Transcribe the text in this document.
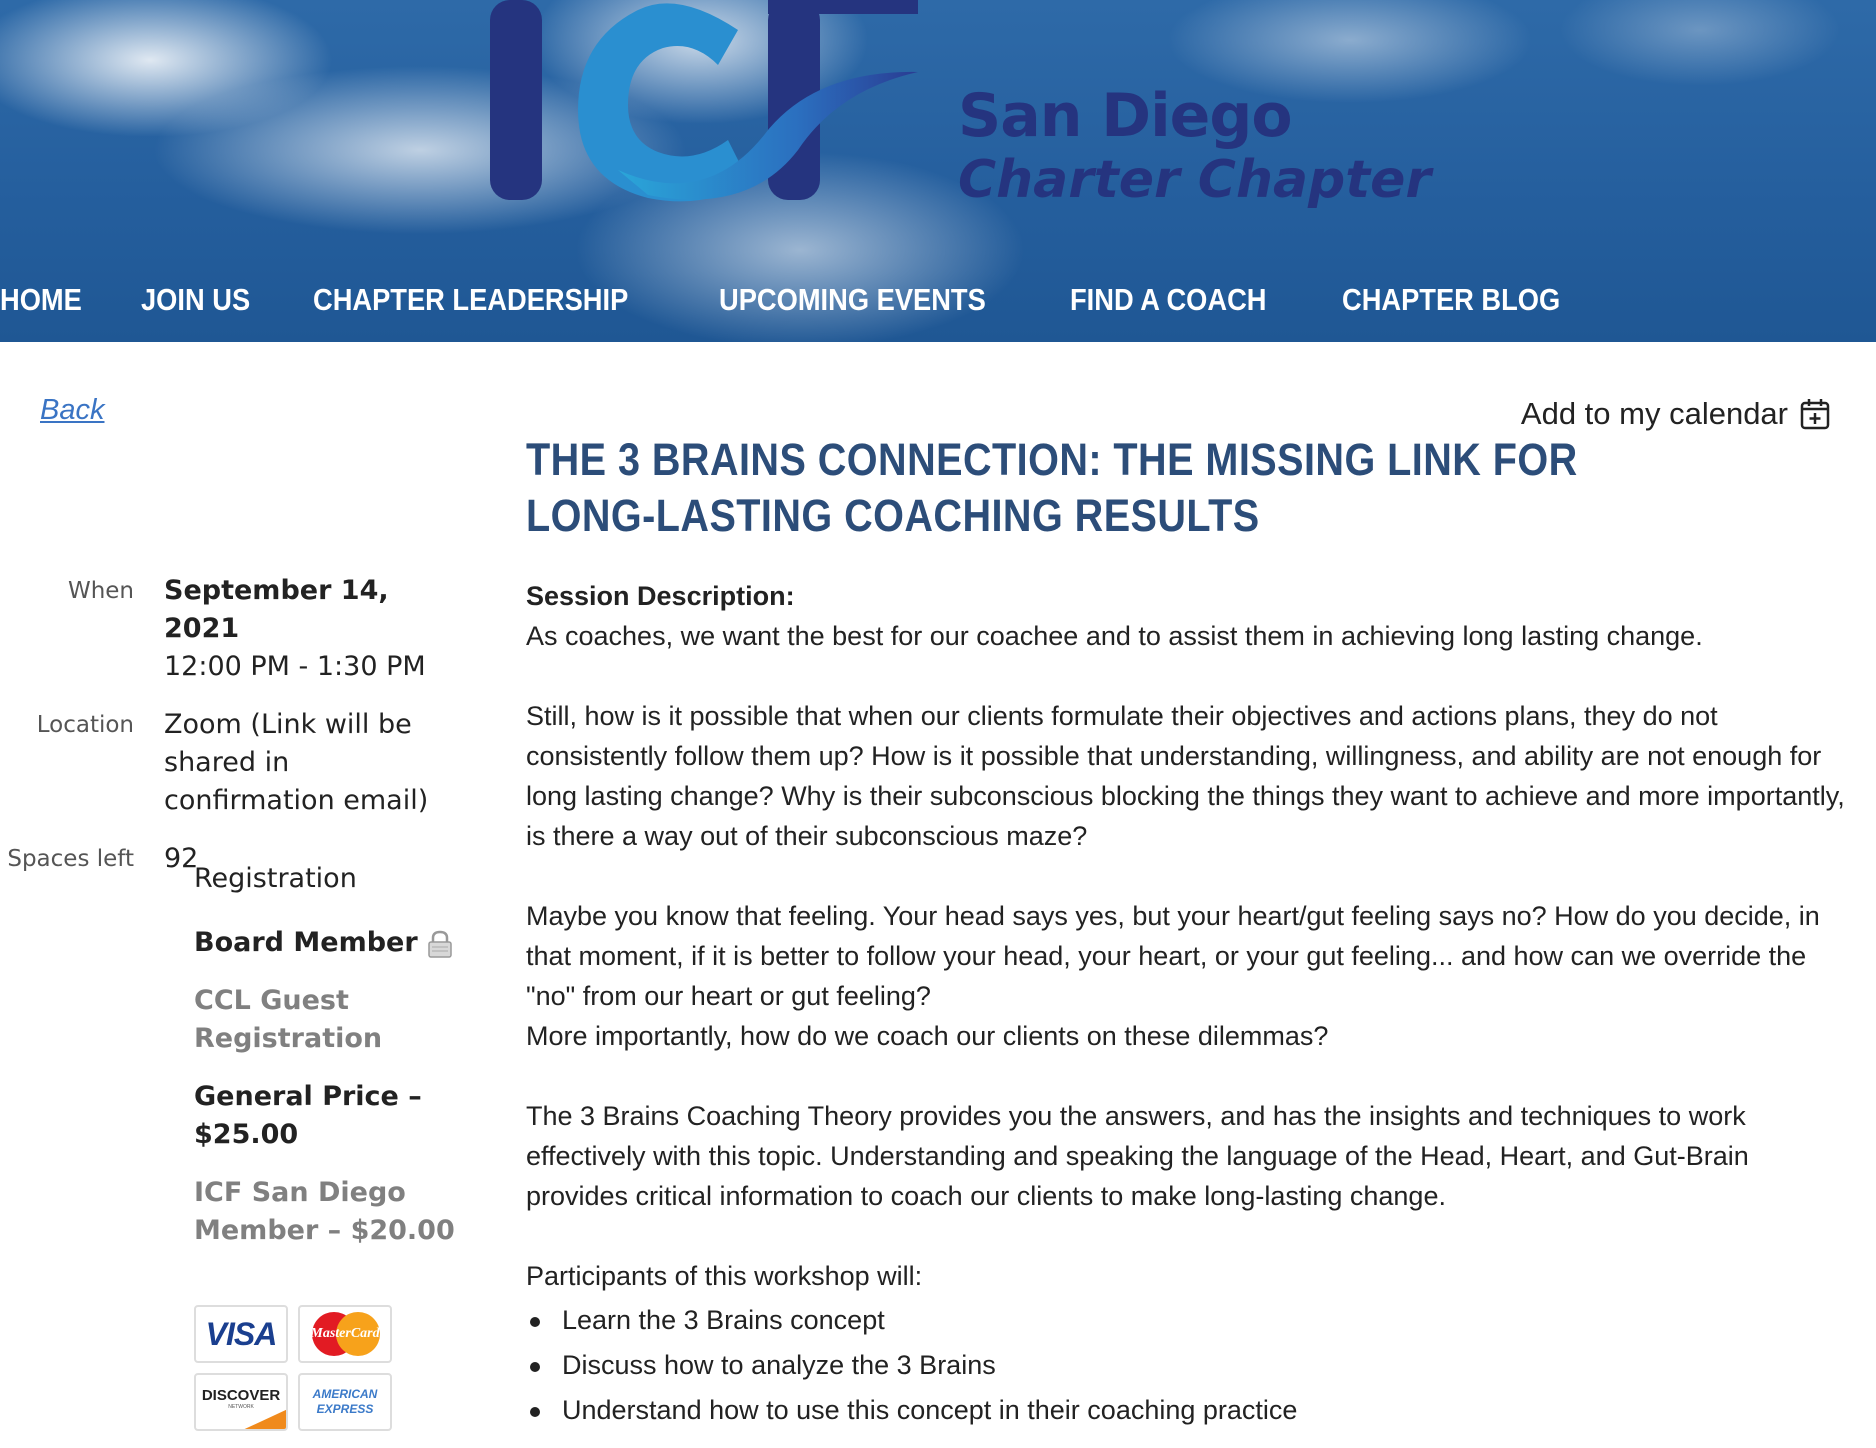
San Diego
Charter Chapter
HOME JOIN US CHAPTER LEADERSHIP	UPCOMING EVENTS	FIND A COACH CHAPTER BLOG
Back	Add to my calendar
THE 3 BRAINS CONNECTION: THE MISSING LINK FOR LONG-LASTING COACHING RESULTS
When	September 14, 2021
12:00 PM - 1:30 PM
Location	Zoom (Link will be shared in confirmation email)
Spaces left	92
Registration
Board Member
CCL Guest Registration
General Price – $25.00
ICF San Diego Member – $20.00
VISA MasterCard
DISCOVER
NETWORK
AMERICAN
EXPRESS

Session Description:

As coaches, we want the best for our coachee and to assist them in achieving long lasting change.

Still, how is it possible that when our clients formulate their objectives and actions plans, they do not consistently follow them up? How is it possible that understanding, willingness, and ability are not enough for long lasting change? Why is their subconscious blocking the things they want to achieve and more importantly, is there a way out of their subconscious maze?

Maybe you know that feeling. Your head says yes, but your heart/gut feeling says no? How do you decide, in that moment, if it is better to follow your head, your heart, or your gut feeling... and how can we override the "no" from our heart or gut feeling?

More importantly, how do we coach our clients on these dilemmas?

The 3 Brains Coaching Theory provides you the answers, and has the insights and techniques to work effectively with this topic. Understanding and speaking the language of the Head, Heart, and Gut-Brain provides critical information to coach our clients to make long-lasting change.

Participants of this workshop will:

Learn the 3 Brains concept
Discuss how to analyze the 3 Brains
Understand how to use this concept in their coaching practice
